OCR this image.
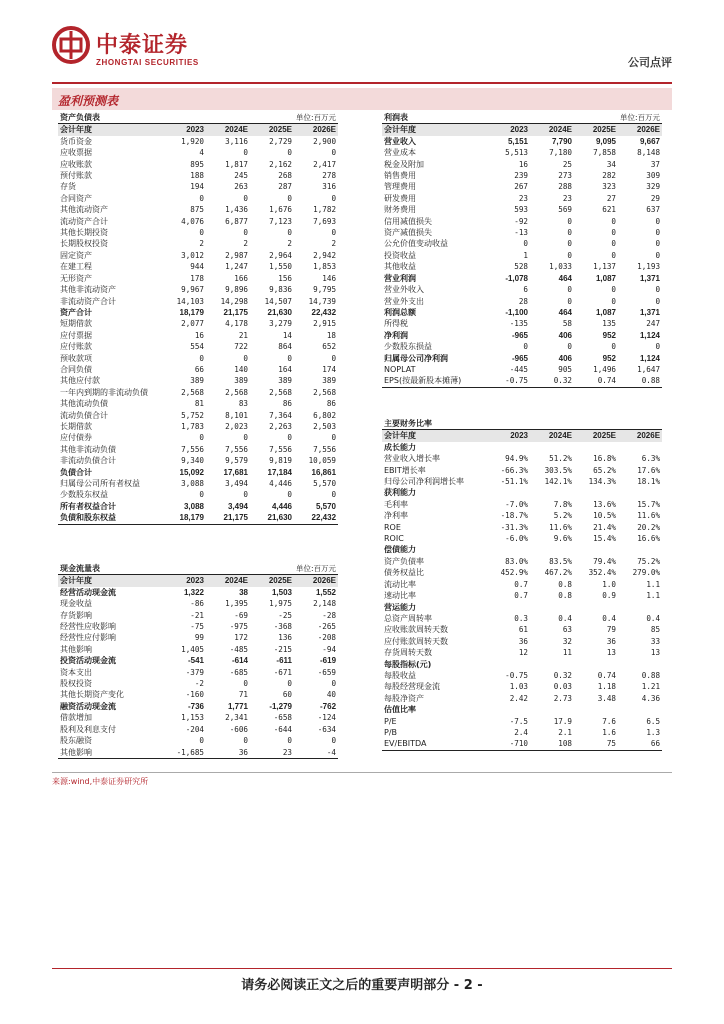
中泰证券
ZHONGTAI SECURITIES	公司点评
盈利预测表
资产负债表		单位:百万元		
会计年度	2023	2024E	2025E	2026E
货币资金	1,920	3,116	2,729	2,900
应收票据	4	0	0	0
应收账款	895	1,817	2,162	2,417
预付账款	188	245	268	278
存货	194	263	287	316
合同资产	0	0	0	0
其他流动资产	875	1,436	1,676	1,782
流动资产合计	4,076	6,877	7,123	7,693
其他长期投资	0	0	0	0
长期股权投资	2	2	2	2
固定资产	3,012	2,987	2,964	2,942
在建工程	944	1,247	1,550	1,853
无形资产	178	166	156	146
其他非流动资产	9,967	9,896	9,836	9,795
非流动资产合计	14,103	14,298	14,507	14,739
资产合计	18,179	21,175	21,630	22,432
短期借款	2,077	4,178	3,279	2,915
应付票据	16	21	14	18
应付账款	554	722	864	652
预收款项	0	0	0	0
合同负债	66	140	164	174
其他应付款	389	389	389	389
一年内到期的非流动负债	2,568	2,568	2,568	2,568
其他流动负债	81	83	86	86
流动负债合计	5,752	8,101	7,364	6,802
长期借款	1,783	2,023	2,263	2,503
应付债券	0	0	0	0
其他非流动负债	7,556	7,556	7,556	7,556
非流动负债合计	9,340	9,579	9,819	10,059
负债合计	15,092	17,681	17,184	16,861
归属母公司所有者权益	3,088	3,494	4,446	5,570
少数股东权益	0	0	0	0
所有者权益合计	3,088	3,494	4,446	5,570
负债和股东权益	18,179	21,175	21,630	22,432
利润表		单位:百万元		
会计年度	2023	2024E	2025E	2026E
营业收入	5,151	7,790	9,095	9,667
营业成本	5,513	7,180	7,858	8,148
税金及附加	16	25	34	37
销售费用	239	273	282	309
管理费用	267	288	323	329
研发费用	23	23	27	29
财务费用	593	569	621	637
信用减值损失	-92	0	0	0
资产减值损失	-13	0	0	0
公允价值变动收益	0	0	0	0
投资收益	1	0	0	0
其他收益	528	1,033	1,137	1,193
营业利润	-1,078	464	1,087	1,371
营业外收入	6	0	0	0
营业外支出	28	0	0	0
利润总额	-1,100	464	1,087	1,371
所得税	-135	58	135	247
净利润	-965	406	952	1,124
少数股东损益	0	0	0	0
归属母公司净利润	-965	406	952	1,124
NOPLAT	-445	905	1,496	1,647
EPS(按最新股本摊薄)	-0.75	0.32	0.74	0.88
主要财务比率				
会计年度	2023	2024E	2025E	2026E
成长能力				
营业收入增长率	94.9%	51.2%	16.8%	6.3%
EBIT增长率	-66.3%	303.5%	65.2%	17.6%
归母公司净利润增长率	-51.1%	142.1%	134.3%	18.1%
获利能力				
毛利率	-7.0%	7.8%	13.6%	15.7%
净利率	-18.7%	5.2%	10.5%	11.6%
ROE	-31.3%	11.6%	21.4%	20.2%
ROIC	-6.0%	9.6%	15.4%	16.6%
偿债能力				
资产负债率	83.0%	83.5%	79.4%	75.2%
债务权益比	452.9%	467.2%	352.4%	279.0%
流动比率	0.7	0.8	1.0	1.1
速动比率	0.7	0.8	0.9	1.1
营运能力				
总资产周转率	0.3	0.4	0.4	0.4
应收账款周转天数	61	63	79	85
应付账款周转天数	36	32	36	33
存货周转天数	12	11	13	13
每股指标(元)				
每股收益	-0.75	0.32	0.74	0.88
每股经营现金流	1.03	0.03	1.18	1.21
每股净资产	2.42	2.73	3.48	4.36
估值比率				
P/E	-7.5	17.9	7.6	6.5
P/B	2.4	2.1	1.6	1.3
EV/EBITDA	-710	108	75	66
现金流量表		单位:百万元		
会计年度	2023	2024E	2025E	2026E
经营活动现金流	1,322	38	1,503	1,552
现金收益	-86	1,395	1,975	2,148
存货影响	-21	-69	-25	-28
经营性应收影响	-75	-975	-368	-265
经营性应付影响	99	172	136	-208
其他影响	1,405	-485	-215	-94
投资活动现金流	-541	-614	-611	-619
资本支出	-379	-685	-671	-659
股权投资	-2	0	0	0
其他长期资产变化	-160	71	60	40
融资活动现金流	-736	1,771	-1,279	-762
借款增加	1,153	2,341	-658	-124
股利及利息支付	-204	-606	-644	-634
股东融资	0	0	0	0
其他影响	-1,685	36	23	-4
来源:wind,中泰证券研究所
请务必阅读正文之后的重要声明部分 - 2 -
